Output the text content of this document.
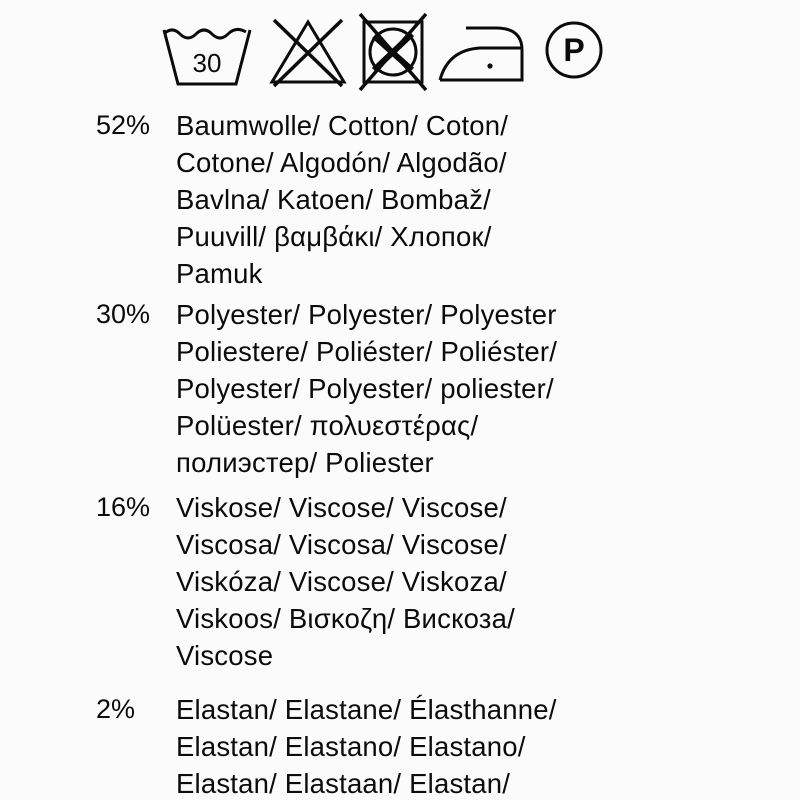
30	P
52% Baumwolle/ Cotton/ Coton/
Cotone/ Algodón/ Algodão/
Bavlna/ Katoen/ Bombaž/
Puuvill/ βαμβάκι/ Хлопок/
Pamuk
30% Polyester/ Polyester/ Polyester
Poliestere/ Poliéster/ Poliéster/
Polyester/ Polyester/ poliester/
Polüester/ πολυεστέρας/
полиэстер/ Poliester
16% Viskose/ Viscose/ Viscose/
Viscosa/ Viscosa/ Viscose/
Viskóza/ Viscose/ Viskoza/
Viskoos/ Βισκοζη/ Вискоза/
Viscose
2%	Elastan/ Elastane/ Élasthanne/
Elastan/ Elastano/ Elastano/
Elastan/ Elastaan/ Elastan/
